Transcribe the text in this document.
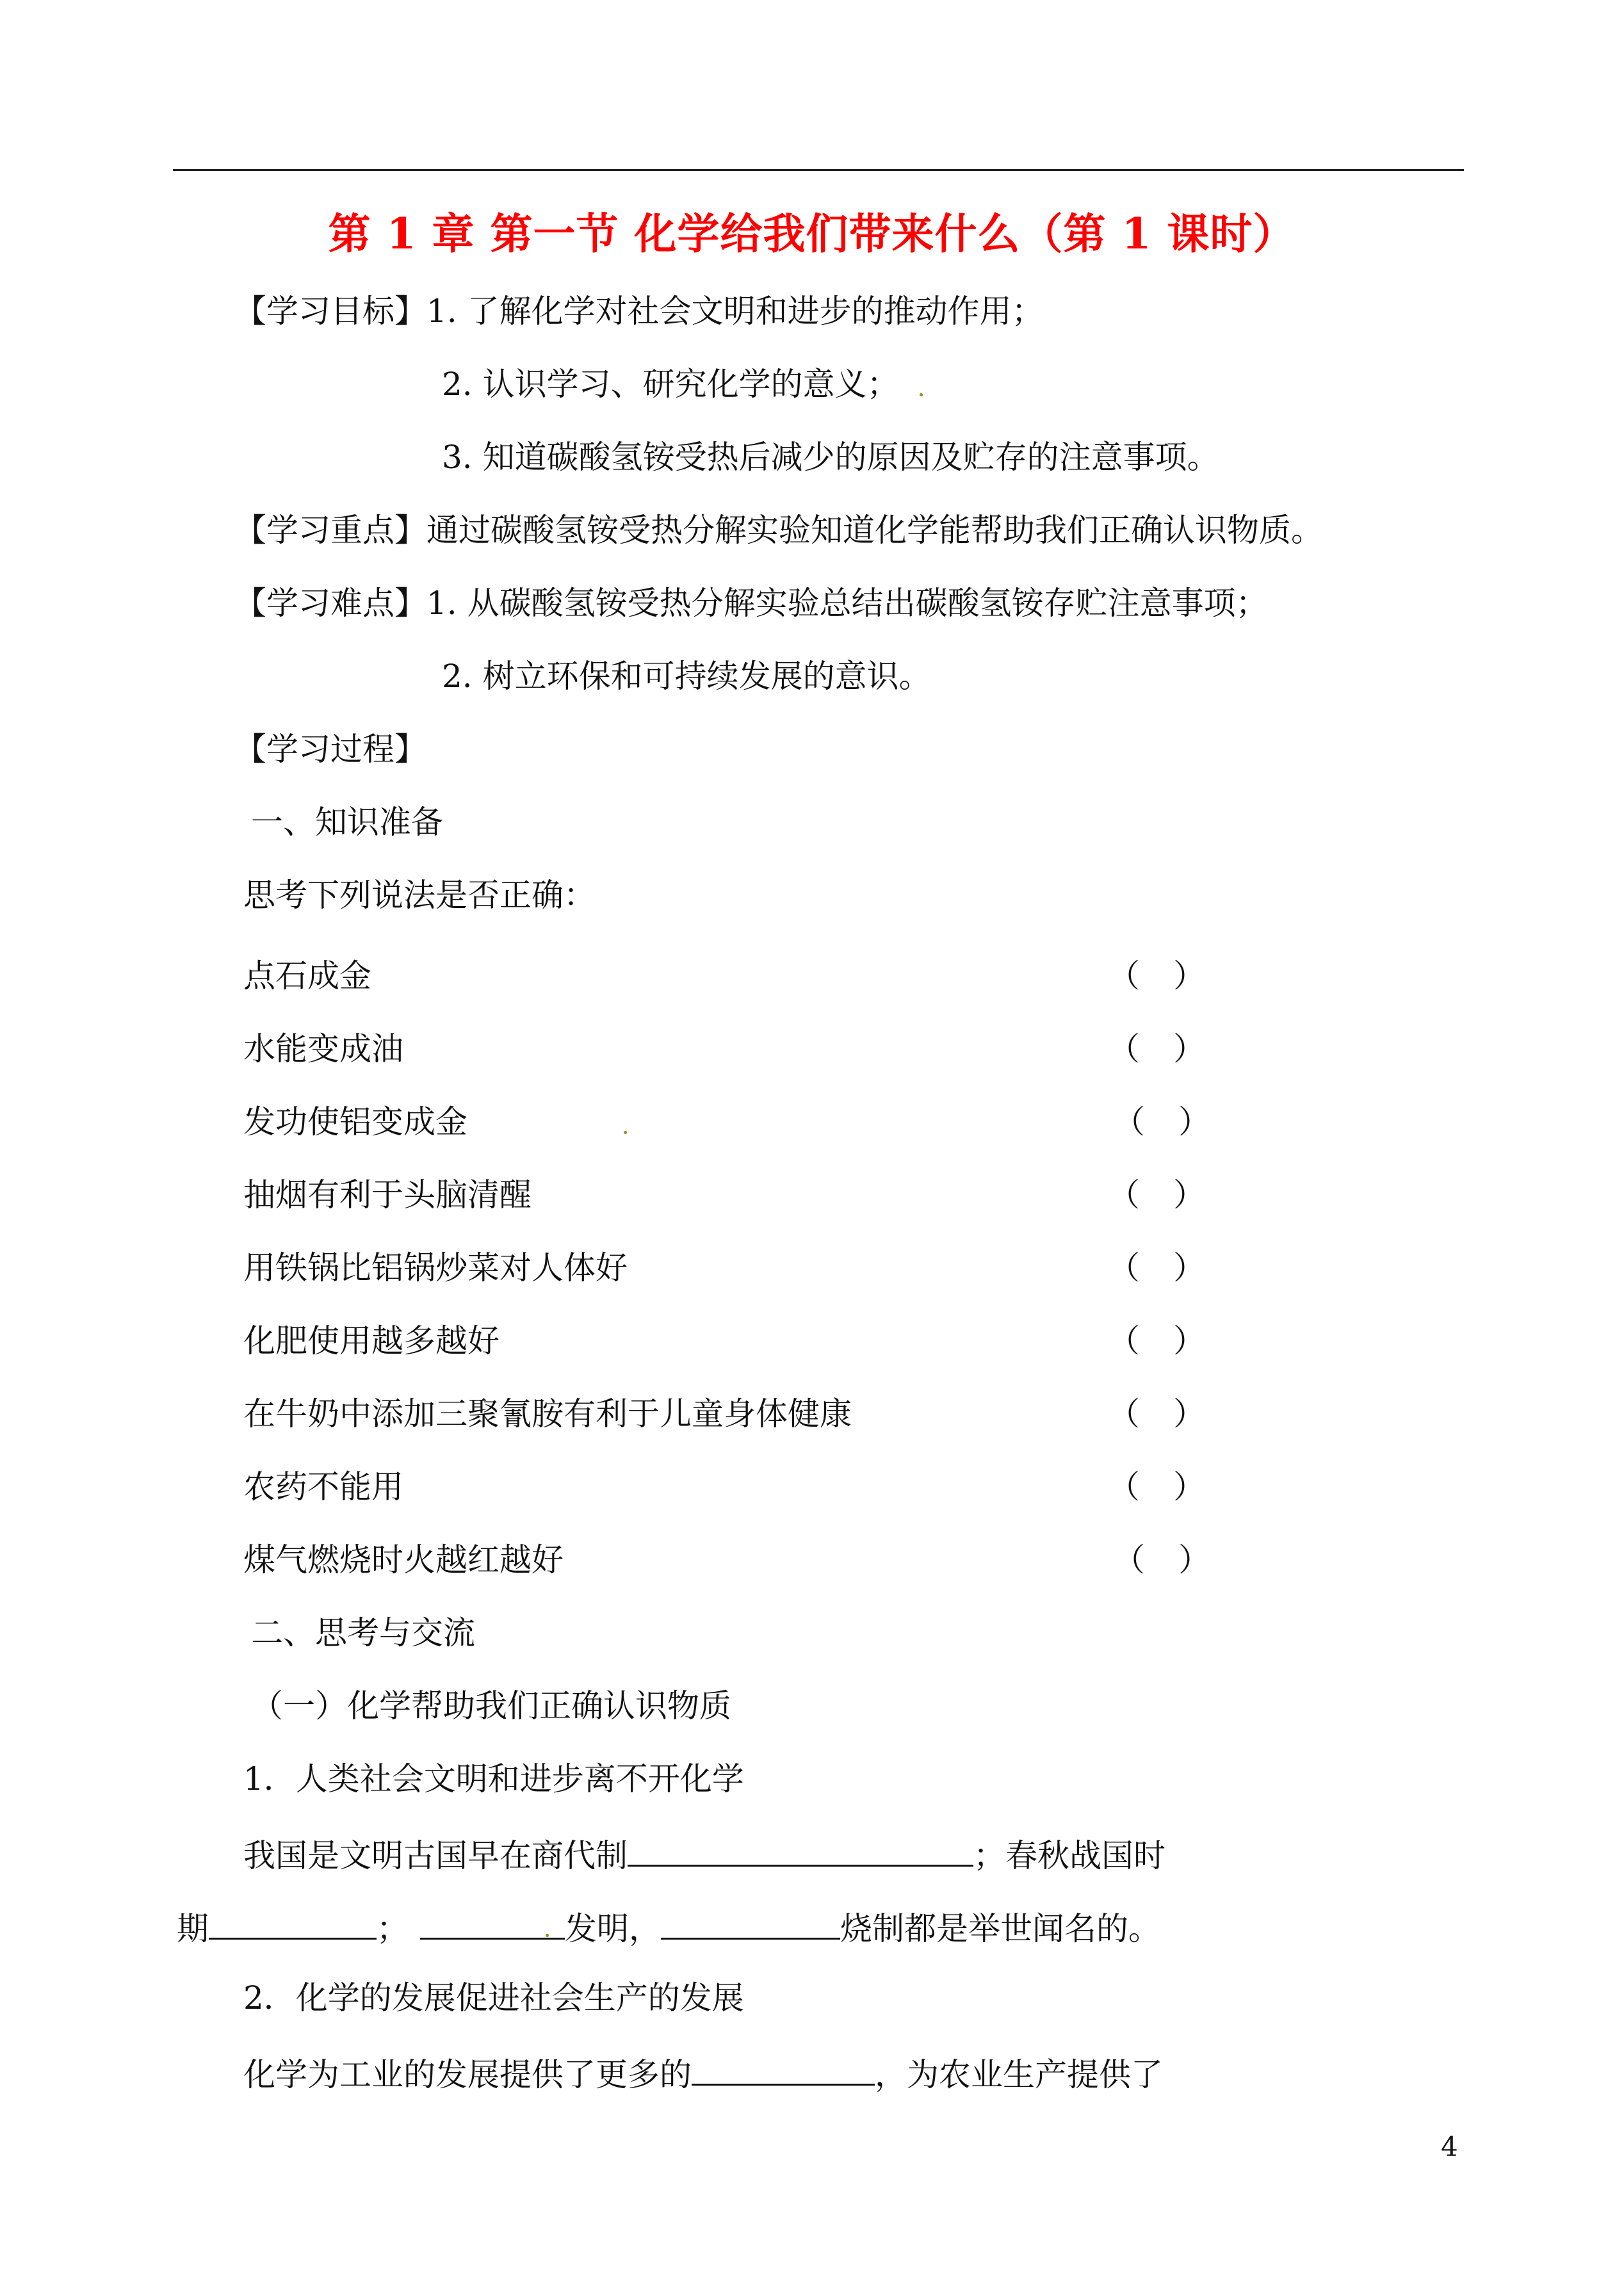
第 1 章 第一节 化学给我们带来什么（第 1 课时）
【学习目标】1. 了解化学对社会文明和进步的推动作用；
2. 认识学习、研究化学的意义；
3. 知道碳酸氢铵受热后减少的原因及贮存的注意事项。
【学习重点】通过碳酸氢铵受热分解实验知道化学能帮助我们正确认识物质。
【学习难点】1. 从碳酸氢铵受热分解实验总结出碳酸氢铵存贮注意事项；
2. 树立环保和可持续发展的意识。
【学习过程】
一、知识准备
思考下列说法是否正确：
点石成金	（）
水能变成油	（）
发功使铝变成金	（）
抽烟有利于头脑清醒	（）
用铁锅比铝锅炒菜对人体好	（）
化肥使用越多越好	（）
在牛奶中添加三聚氰胺有利于儿童身体健康	（）
农药不能用	（）
煤气燃烧时火越红越好	（）
二、思考与交流
（一）化学帮助我们正确认识物质
1．人类社会文明和进步离不开化学
我国是文明古国早在商代制	；春秋战国时
期	；	发明，	烧制都是举世闻名的。
2．化学的发展促进社会生产的发展
化学为工业的发展提供了更多的	，为农业生产提供了
4
